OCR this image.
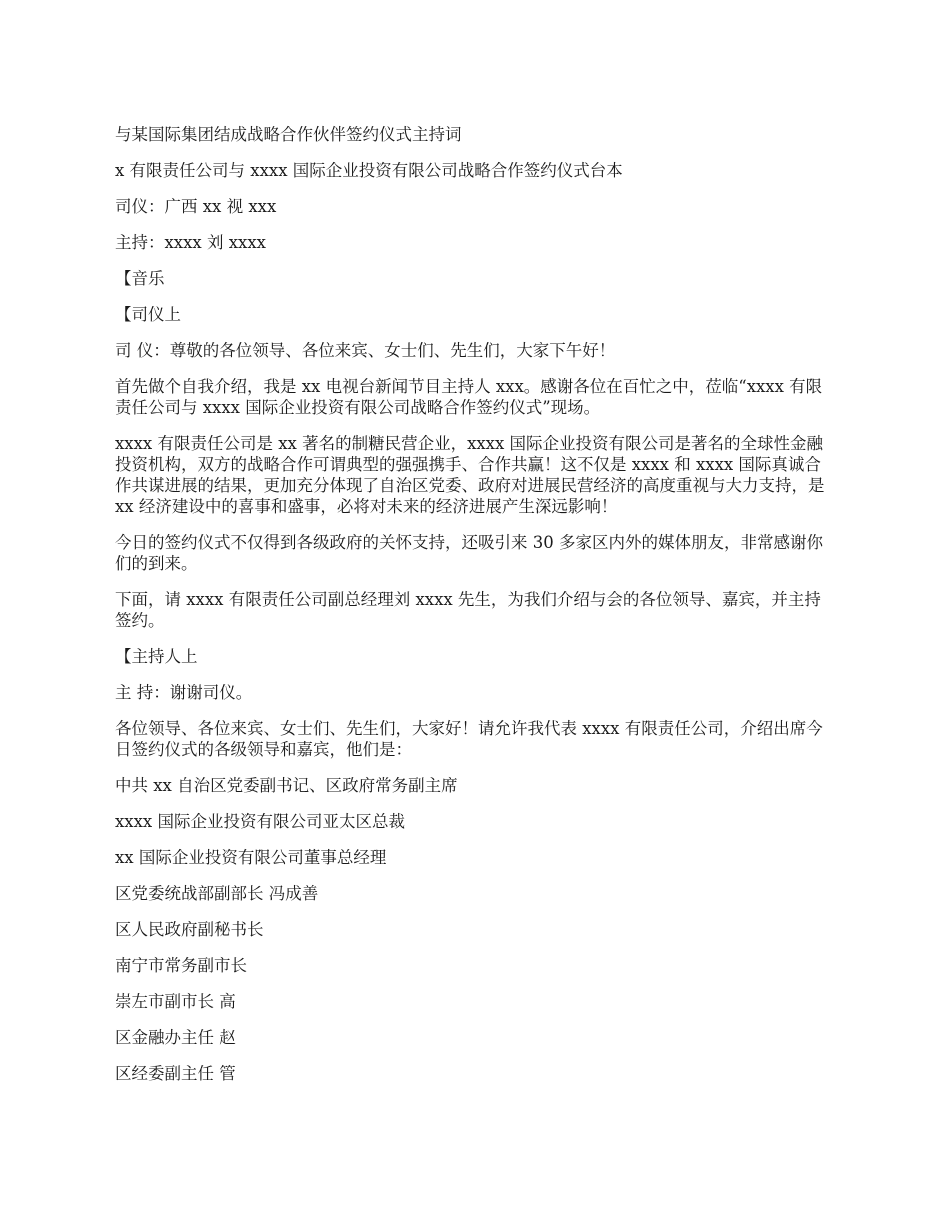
与某国际集团结成战略合作伙伴签约仪式主持词

x 有限责任公司与 xxxx 国际企业投资有限公司战略合作签约仪式台本

司仪：广西 xx 视 xxx

主持：xxxx 刘 xxxx

【音乐

【司仪上

司 仪：尊敬的各位领导、各位来宾、女士们、先生们，大家下午好！

首先做个自我介绍，我是 xx 电视台新闻节目主持人 xxx。感谢各位在百忙之中，莅临“xxxx 有限责任公司与 xxxx 国际企业投资有限公司战略合作签约仪式”现场。

xxxx 有限责任公司是 xx 著名的制糖民营企业，xxxx 国际企业投资有限公司是著名的全球性金融投资机构，双方的战略合作可谓典型的强强携手、合作共赢！这不仅是 xxxx 和 xxxx 国际真诚合作共谋进展的结果，更加充分体现了自治区党委、政府对进展民营经济的高度重视与大力支持，是 xx 经济建设中的喜事和盛事，必将对未来的经济进展产生深远影响！

今日的签约仪式不仅得到各级政府的关怀支持，还吸引来 30 多家区内外的媒体朋友，非常感谢你们的到来。

下面，请 xxxx 有限责任公司副总经理刘 xxxx 先生，为我们介绍与会的各位领导、嘉宾，并主持签约。

【主持人上

主 持：谢谢司仪。

各位领导、各位来宾、女士们、先生们，大家好！请允许我代表 xxxx 有限责任公司，介绍出席今日签约仪式的各级领导和嘉宾，他们是：

中共 xx 自治区党委副书记、区政府常务副主席

xxxx 国际企业投资有限公司亚太区总裁

xx 国际企业投资有限公司董事总经理

区党委统战部副部长 冯成善

区人民政府副秘书长

南宁市常务副市长

崇左市副市长 高

区金融办主任 赵

区经委副主任 管
